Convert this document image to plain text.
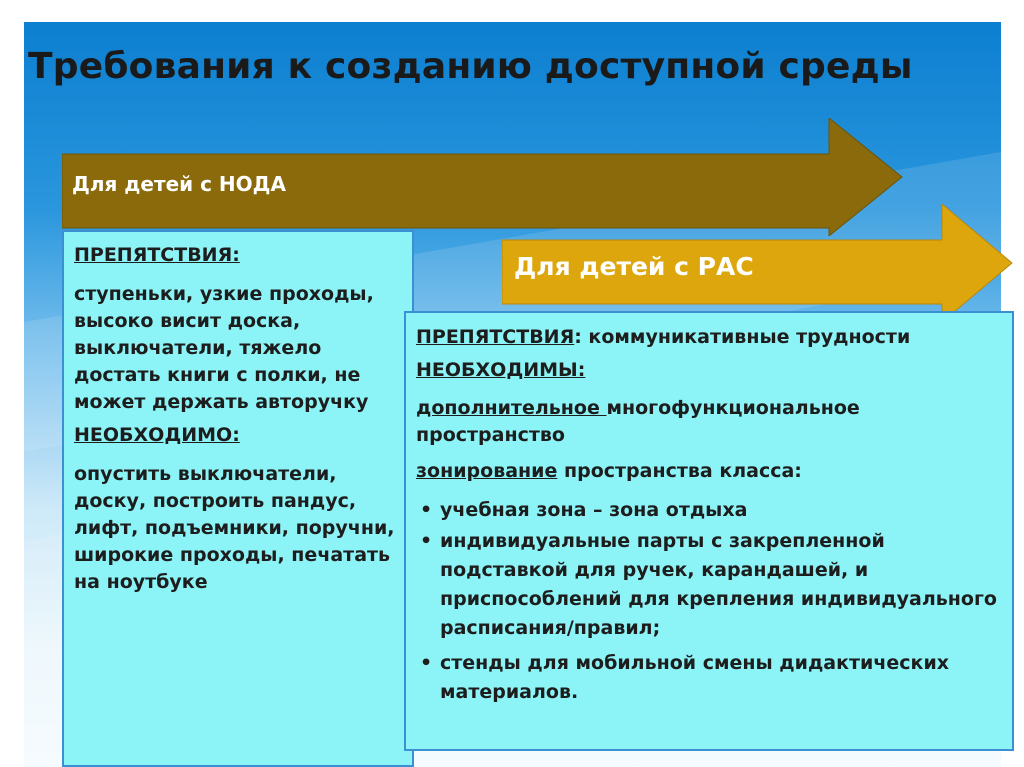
Требования к созданию доступной среды
Для детей с НОДА
Для детей с РАС

ПРЕПЯТСТВИЯ:

ступеньки, узкие проходы, высоко висит доска, выключатели, тяжело достать книги с полки, не может держать авторучку

НЕОБХОДИМО:

опустить выключатели, доску, построить пандус, лифт, подъемники, поручни, широкие проходы, печатать на ноутбуке

ПРЕПЯТСТВИЯ: коммуникативные трудности

НЕОБХОДИМЫ:

дополнительное многофункциональное пространство

зонирование пространства класса:

• учебная зона – зона отдыха
• индивидуальные парты с закрепленной подставкой для ручек, карандашей, и приспособлений для крепления индивидуального расписания/правил;
• стенды для мобильной смены дидактических материалов.
